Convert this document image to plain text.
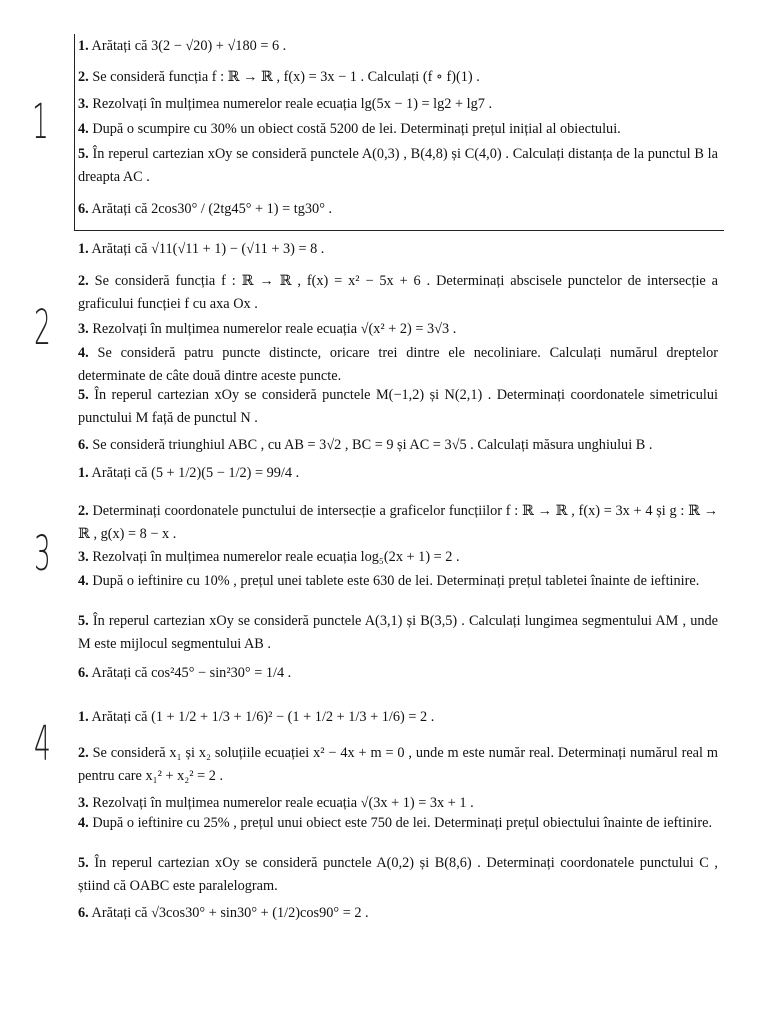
1
2
3
4
1. Arătați că 3(2 − √20) + √180 = 6 .
2. Se consideră funcția f : ℝ → ℝ , f(x) = 3x − 1 . Calculați (f ∘ f)(1) .
3. Rezolvați în mulțimea numerelor reale ecuația lg(5x − 1) = lg2 + lg7 .
4. După o scumpire cu 30% un obiect costă 5200 de lei. Determinați prețul inițial al obiectului.
5. În reperul cartezian xOy se consideră punctele A(0,3) , B(4,8) și C(4,0) . Calculați distanța de la punctul B la dreapta AC .
6. Arătați că 2cos30° / (2tg45° + 1) = tg30° .
1. Arătați că √11(√11 + 1) − (√11 + 3) = 8 .
2. Se consideră funcția f : ℝ → ℝ , f(x) = x² − 5x + 6 . Determinați abscisele punctelor de intersecție a graficului funcției f cu axa Ox .
3. Rezolvați în mulțimea numerelor reale ecuația √(x² + 2) = 3√3 .
4. Se consideră patru puncte distincte, oricare trei dintre ele necoliniare. Calculați numărul dreptelor determinate de câte două dintre aceste puncte.
5. În reperul cartezian xOy se consideră punctele M(−1,2) și N(2,1) . Determinați coordonatele simetricului punctului M față de punctul N .
6. Se consideră triunghiul ABC , cu AB = 3√2 , BC = 9 și AC = 3√5 . Calculați măsura unghiului B .
1. Arătați că (5 + 1/2)(5 − 1/2) = 99/4 .
2. Determinați coordonatele punctului de intersecție a graficelor funcțiilor f : ℝ → ℝ , f(x) = 3x + 4 și g : ℝ → ℝ , g(x) = 8 − x .
3. Rezolvați în mulțimea numerelor reale ecuația log₅(2x + 1) = 2 .
4. După o ieftinire cu 10% , prețul unei tablete este 630 de lei. Determinați prețul tabletei înainte de ieftinire.
5. În reperul cartezian xOy se consideră punctele A(3,1) și B(3,5) . Calculați lungimea segmentului AM , unde M este mijlocul segmentului AB .
6. Arătați că cos²45° − sin²30° = 1/4 .
1. Arătați că (1 + 1/2 + 1/3 + 1/6)² − (1 + 1/2 + 1/3 + 1/6) = 2 .
2. Se consideră x₁ și x₂ soluțiile ecuației x² − 4x + m = 0 , unde m este număr real. Determinați numărul real m pentru care x₁² + x₂² = 2 .
3. Rezolvați în mulțimea numerelor reale ecuația √(3x + 1) = 3x + 1 .
4. După o ieftinire cu 25% , prețul unui obiect este 750 de lei. Determinați prețul obiectului înainte de ieftinire.
5. În reperul cartezian xOy se consideră punctele A(0,2) și B(8,6) . Determinați coordonatele punctului C , știind că OABC este paralelogram.
6. Arătați că √3cos30° + sin30° + (1/2)cos90° = 2 .
